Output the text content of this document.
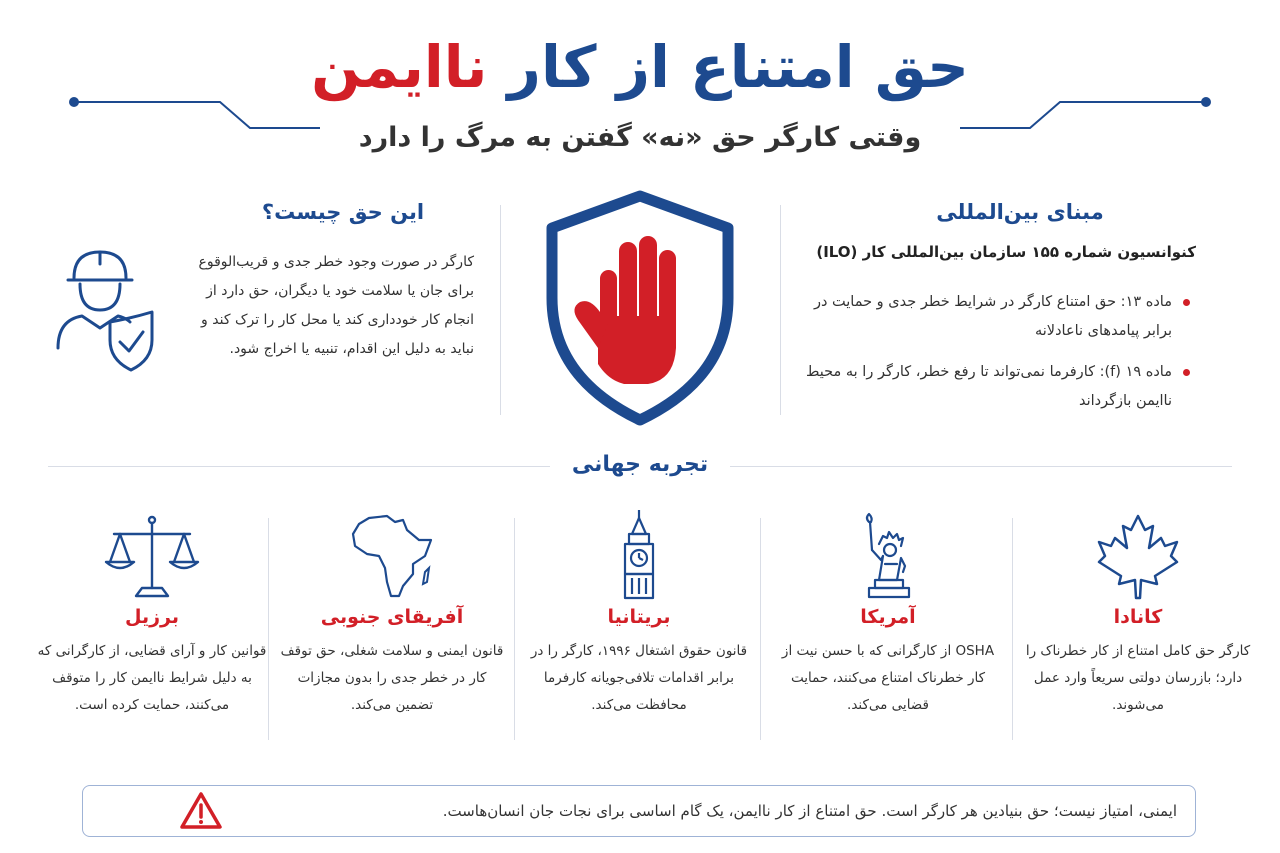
حق امتناع از کار ناایمن
وقتی کارگر حق «نه» گفتن به مرگ را دارد
این حق چیست؟
کارگر در صورت وجود خطر جدی و قریب‌الوقوع برای جان یا سلامت خود یا دیگران، حق دارد از انجام کار خودداری کند یا محل کار را ترک کند و نباید به دلیل این اقدام، تنبیه یا اخراج شود.
مبنای بین‌المللی
کنوانسیون شماره ۱۵۵ سازمان بین‌المللی کار (ILO)
ماده ۱۳: حق امتناع کارگر در شرایط خطر جدی و حمایت در برابر پیامدهای ناعادلانه
ماده ۱۹ (f): کارفرما نمی‌تواند تا رفع خطر، کارگر را به محیط ناایمن بازگرداند
تجربه جهانی
کانادا
کارگر حق کامل امتناع از کار خطرناک را دارد؛ بازرسان دولتی سریعاً وارد عمل می‌شوند.
آمریکا
OSHA از کارگرانی که با حسن نیت از کار خطرناک امتناع می‌کنند، حمایت قضایی می‌کند.
بریتانیا
قانون حقوق اشتغال ۱۹۹۶، کارگر را در برابر اقدامات تلافی‌جویانه کارفرما محافظت می‌کند.
آفریقای جنوبی
قانون ایمنی و سلامت شغلی، حق توقف کار در خطر جدی را بدون مجازات تضمین می‌کند.
برزیل
قوانین کار و آرای قضایی، از کارگرانی که به دلیل شرایط ناایمن کار را متوقف می‌کنند، حمایت کرده است.
ایمنی، امتیاز نیست؛ حق بنیادین هر کارگر است. حق امتناع از کار ناایمن، یک گام اساسی برای نجات جان انسان‌هاست.
